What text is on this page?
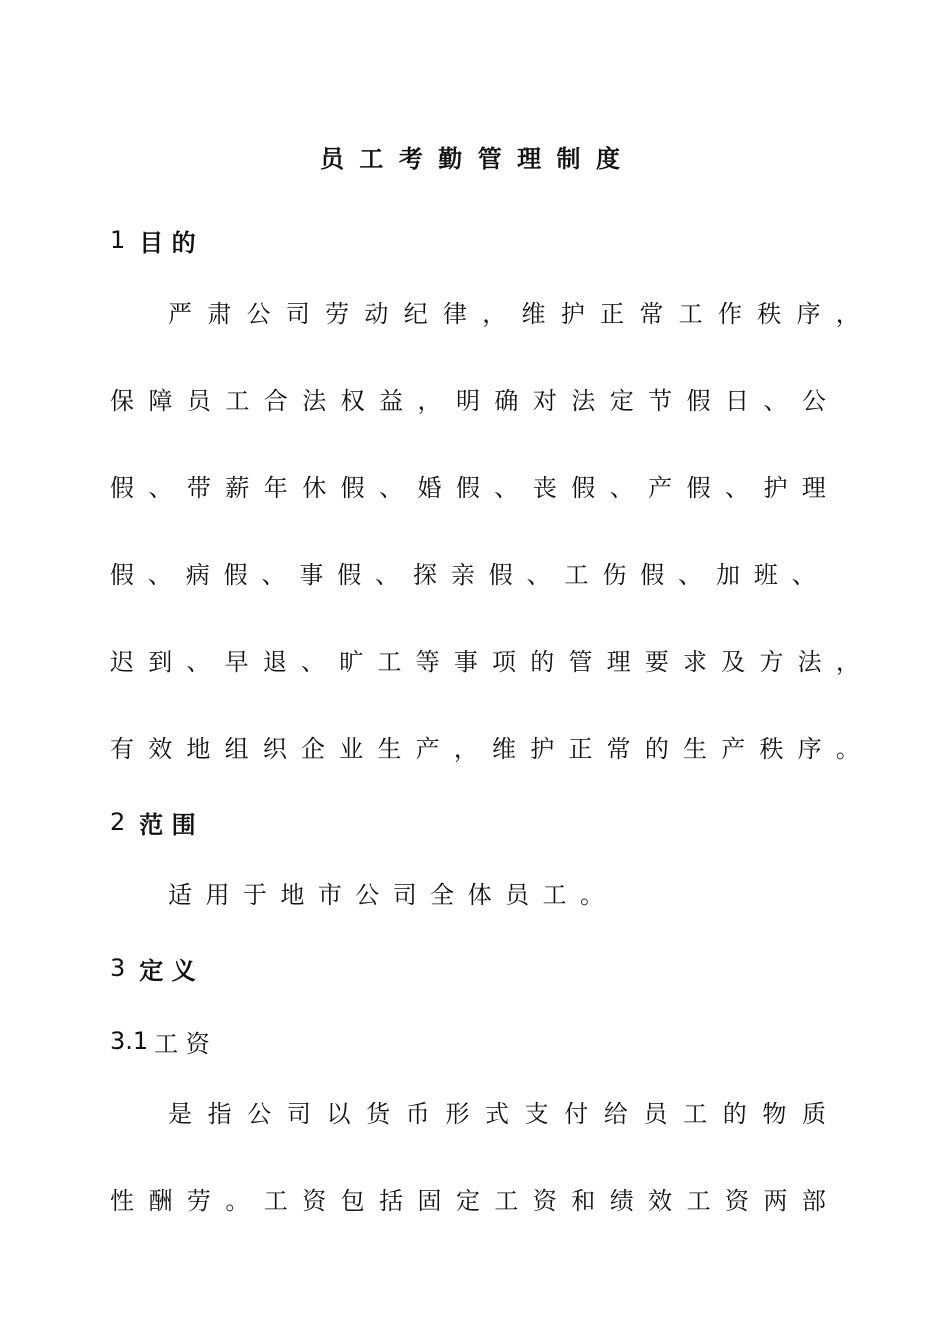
员 工 考 勤 管 理 制 度
1 目 的
严 肃 公 司 劳 动 纪 律 ， 维 护 正 常 工 作 秩 序 ，
保 障 员 工 合 法 权 益 ， 明 确 对 法 定 节 假 日 、 公
假 、 带 薪 年 休 假 、 婚 假 、 丧 假 、 产 假 、 护 理
假 、 病 假 、 事 假 、 探 亲 假 、 工 伤 假 、 加 班 、
迟 到 、 早 退 、 旷 工 等 事 项 的 管 理 要 求 及 方 法 ，
有 效 地 组 织 企 业 生 产 ， 维 护 正 常 的 生 产 秩 序 。
2 范 围
适 用 于 地 市 公 司 全 体 员 工 。
3 定 义
3.1 工 资
是 指 公 司 以 货 币 形 式 支 付 给 员 工 的 物 质
性 酬 劳 。 工 资 包 括 固 定 工 资 和 绩 效 工 资 两 部
